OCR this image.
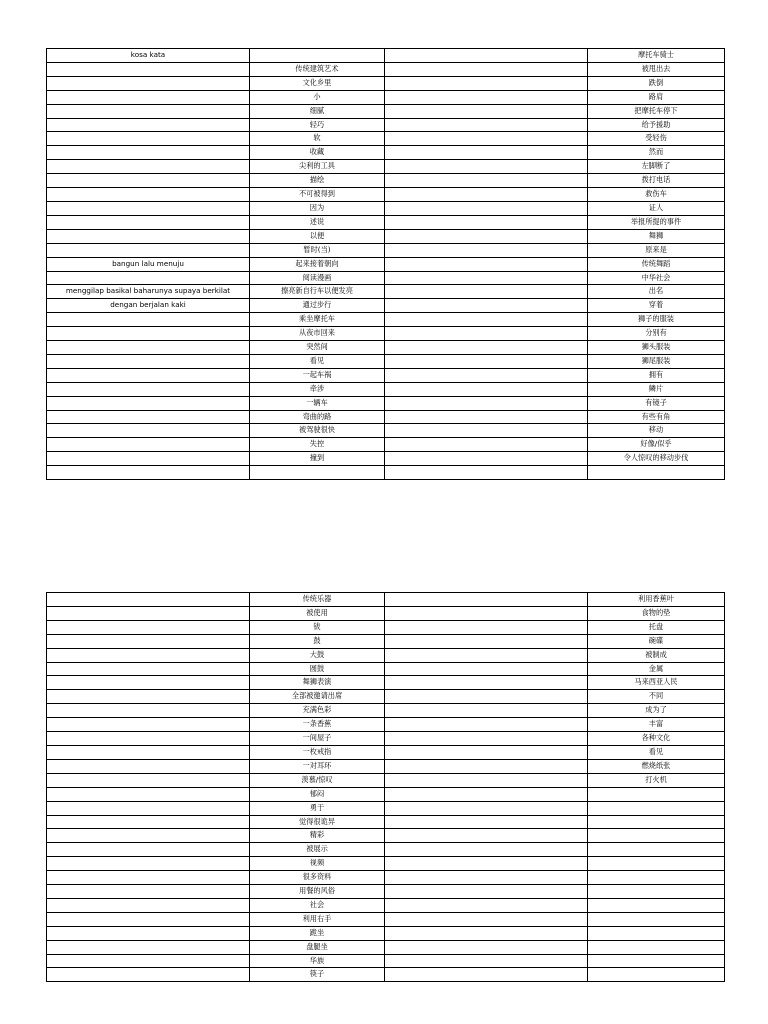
kosa kata			摩托车骑士
	传统建筑艺术		被甩出去
	文化乡里		跌倒
	小		路肩
	细腻		把摩托车停下
	轻巧		给予援助
	软		受轻伤
	收藏		然而
	尖利的工具		左脚断了
	描绘		拨打电话
	不可被得到		救伤车
	因为		证人
	述说		举报所提的事件
	以便		舞狮
	暂时(当)		原来是
bangun lalu menuju	起来接着朝向		传统舞蹈
	阅读漫画		中华社会
menggilap basikal baharunya supaya berkilat	擦亮新自行车以便发亮		出名
dengan berjalan kaki	通过步行		穿着
	乘坐摩托车		狮子的服装
	从夜市回来		分别有
	突然间		狮头服装
	看见		狮尾服装
	一起车祸		拥有
	牵涉		鳞片
	一辆车		有镜子
	弯曲的路		有些有角
	被驾驶很快		移动
	失控		好像/似乎
	撞到		令人惊叹的移动步伐

	传统乐器		利用香蕉叶
	被使用		食物的垫
	钹		托盘
	鼓		碗碟
	大鼓		被制成
	圆鼓		金属
	舞狮表演		马来西亚人民
	全部被邀请出席		不同
	充满色彩		成为了
	一条香蕉		丰富
	一间屋子		各种文化
	一枚戒指		看见
	一对耳环		燃烧纸张
	羡慕/惊叹		打火机
	郁闷		
	勇于		
	觉得很诡异		
	精彩		
	被展示		
	视频		
	很多资料		
	用餐的风俗		
	社会		
	利用右手		
	跪坐		
	盘腿坐		
	华族		
	筷子		
